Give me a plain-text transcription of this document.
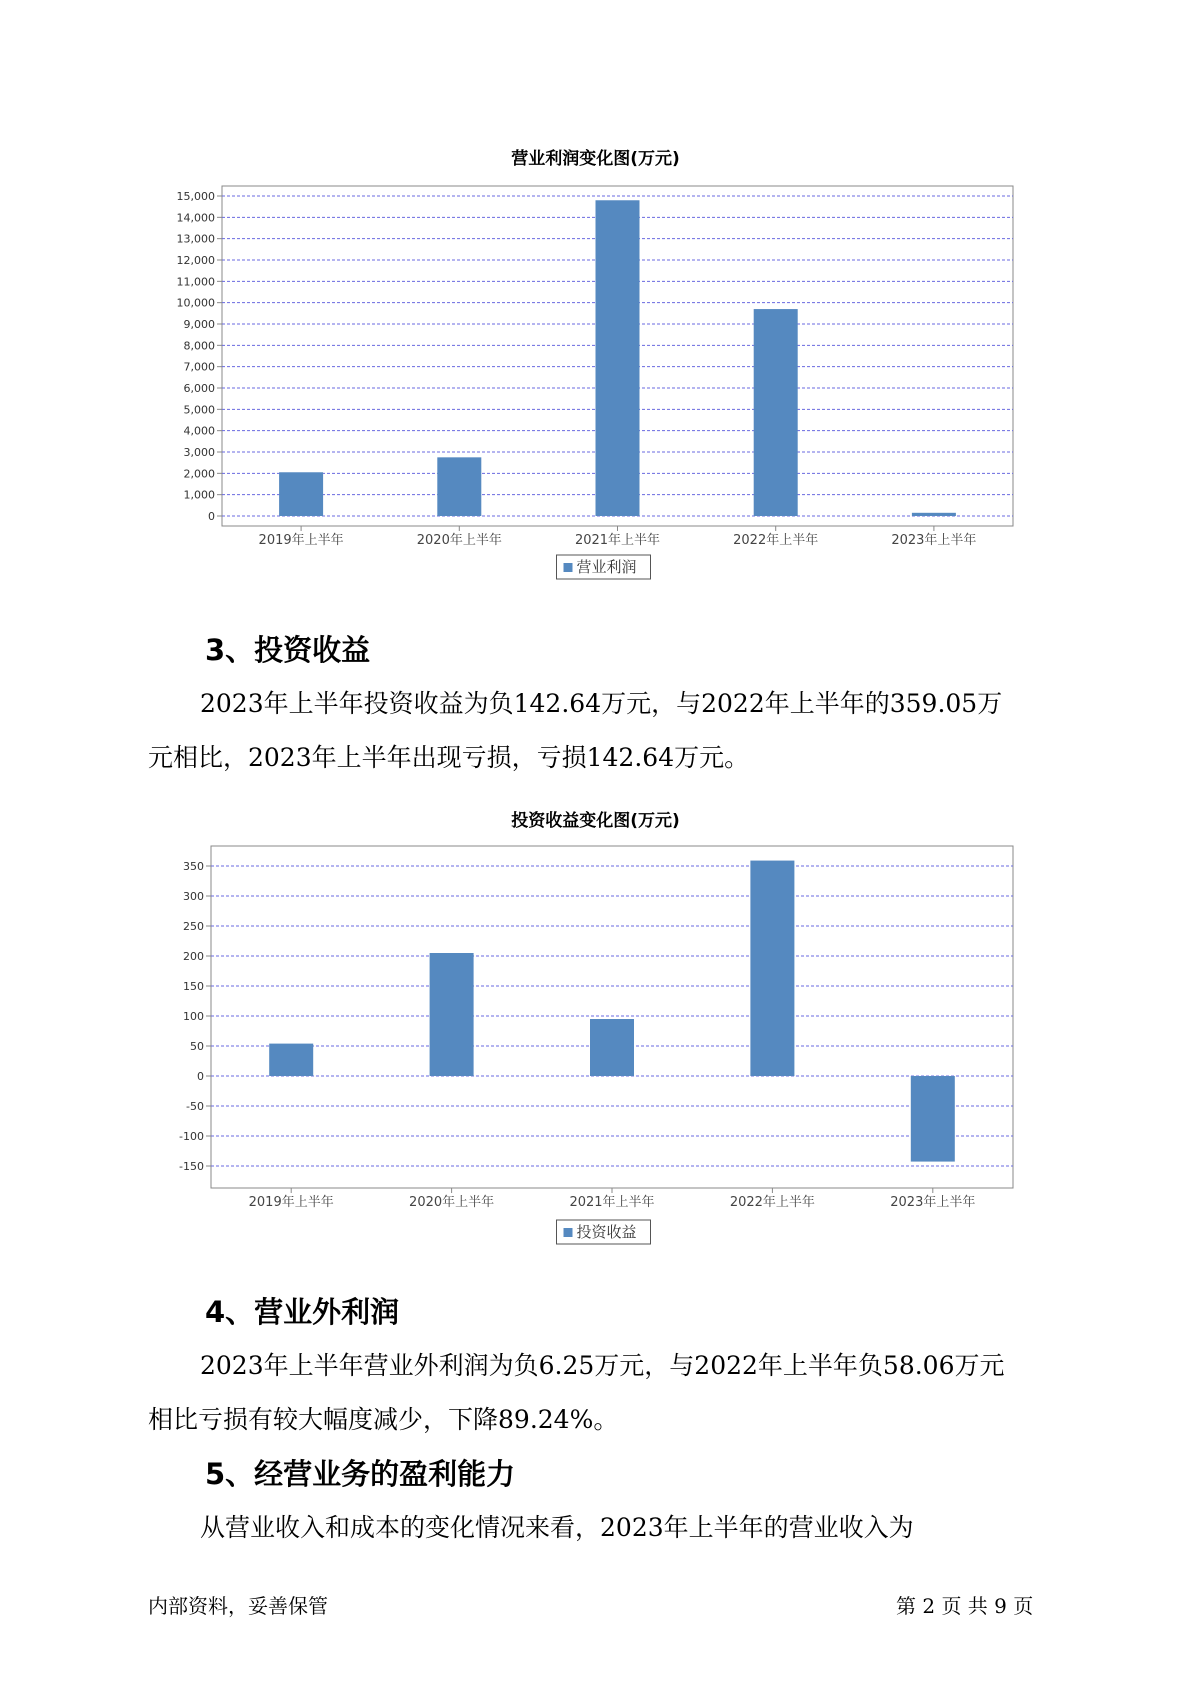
营业利润变化图(万元)
0
1,000
2,000
3,000
4,000
5,000
6,000
7,000
8,000
9,000
10,000
11,000
12,000
13,000
14,000
15,000
2019年上半年	2020年上半年	2021年上半年	2022年上半年	2023年上半年
营业利润
3、投资收益

2023年上半年投资收益为负142.64万元，与2022年上半年的359.05万
元相比，2023年上半年出现亏损，亏损142.64万元。

投资收益变化图(万元)
-150
-100
-50
0
50
100
150
200
250
300
350
2019年上半年	2020年上半年	2021年上半年	2022年上半年	2023年上半年
投资收益
4、营业外利润

2023年上半年营业外利润为负6.25万元，与2022年上半年负58.06万元
相比亏损有较大幅度减少，下降89.24%。

5、经营业务的盈利能力

从营业收入和成本的变化情况来看，2023年上半年的营业收入为

内部资料，妥善保管	第 2 页 共 9 页
